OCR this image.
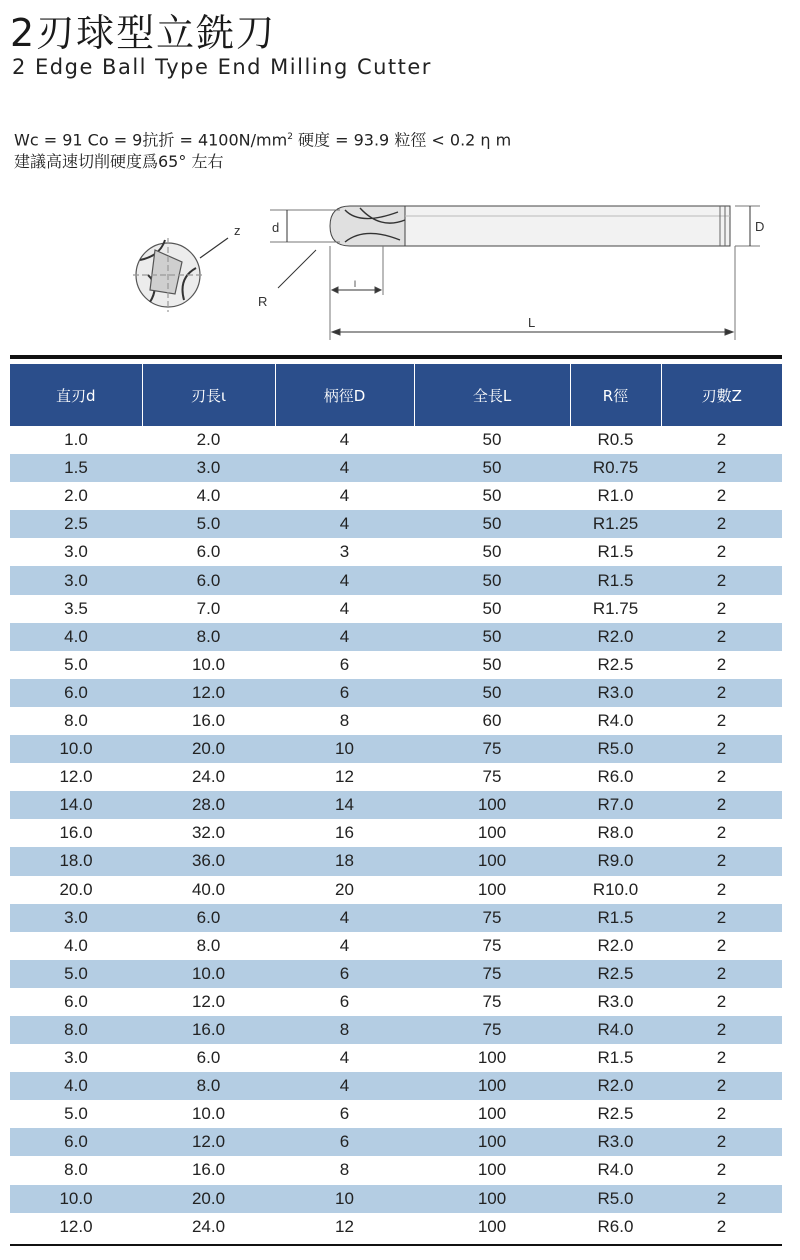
2刃球型立銑刀
2 Edge Ball Type End Milling Cutter
Wc = 91 Co = 9抗折 = $4100N/mm^2$ 硬度 = 93.9 粒徑 < 0.2 η m
建議高速切削硬度爲65° 左右
z d
R
l
L
D
直刃d	刃長ι	柄徑D	全長L	R徑	刃數Z
1.0	2.0	4	50	R0.5	2
1.5	3.0	4	50	R0.75	2
2.0	4.0	4	50	R1.0	2
2.5	5.0	4	50	R1.25	2
3.0	6.0	3	50	R1.5	2
3.0	6.0	4	50	R1.5	2
3.5	7.0	4	50	R1.75	2
4.0	8.0	4	50	R2.0	2
5.0	10.0	6	50	R2.5	2
6.0	12.0	6	50	R3.0	2
8.0	16.0	8	60	R4.0	2
10.0	20.0	10	75	R5.0	2
12.0	24.0	12	75	R6.0	2
14.0	28.0	14	100	R7.0	2
16.0	32.0	16	100	R8.0	2
18.0	36.0	18	100	R9.0	2
20.0	40.0	20	100	R10.0	2
3.0	6.0	4	75	R1.5	2
4.0	8.0	4	75	R2.0	2
5.0	10.0	6	75	R2.5	2
6.0	12.0	6	75	R3.0	2
8.0	16.0	8	75	R4.0	2
3.0	6.0	4	100	R1.5	2
4.0	8.0	4	100	R2.0	2
5.0	10.0	6	100	R2.5	2
6.0	12.0	6	100	R3.0	2
8.0	16.0	8	100	R4.0	2
10.0	20.0	10	100	R5.0	2
12.0	24.0	12	100	R6.0	2
